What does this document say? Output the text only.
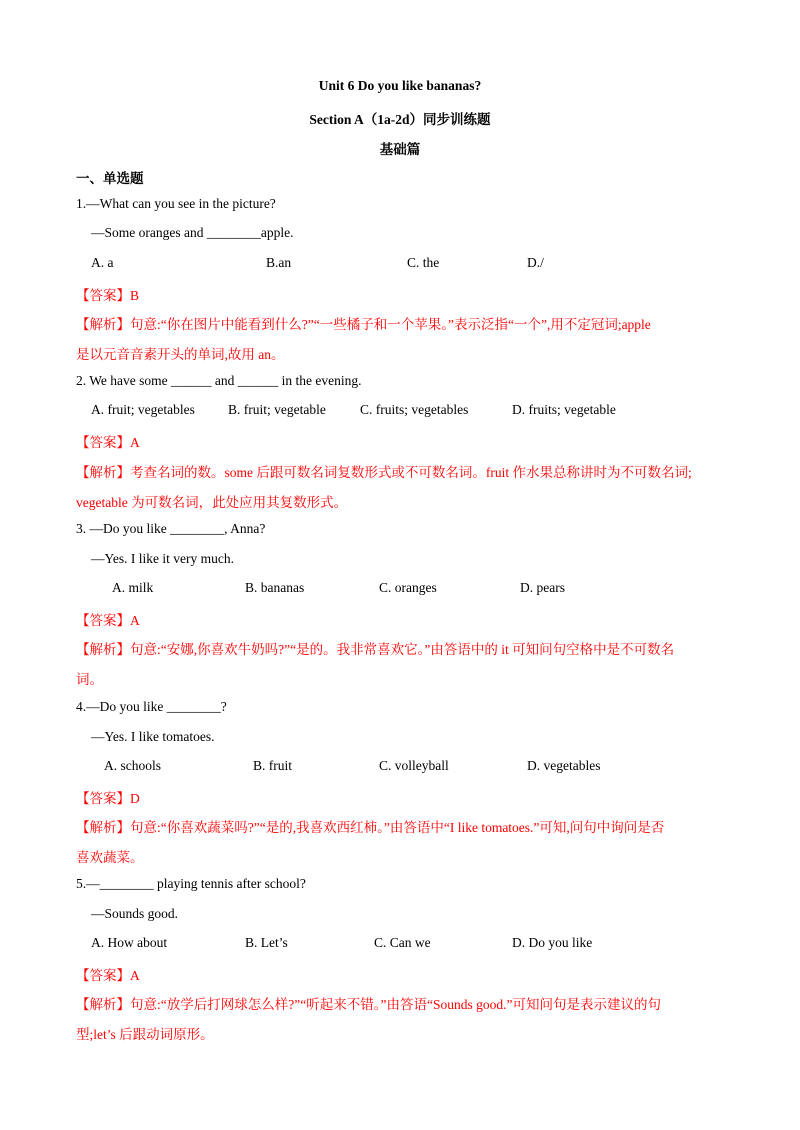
Unit 6 Do you like bananas?
Section A（1a-2d）同步训练题
基础篇
一、单选题
1.—What can you see in the picture?
—Some oranges and ________apple.
A. a	B.an	C. the	D./
【答案】B
【解析】句意:“你在图片中能看到什么?”“一些橘子和一个苹果。”表示泛指“一个”,用不定冠词;apple
是以元音音素开头的单词,故用 an。
2. We have some ______ and ______ in the evening.
A. fruit; vegetables B. fruit; vegetable	C. fruits; vegetables	D. fruits; vegetable
【答案】A
【解析】考查名词的数。some 后跟可数名词复数形式或不可数名词。fruit 作水果总称讲时为不可数名词;
vegetable 为可数名词，此处应用其复数形式。
3. —Do you like ________, Anna?
—Yes. I like it very much.
A. milk	B. bananas	C. oranges	D. pears
【答案】A
【解析】句意:“安娜,你喜欢牛奶吗?”“是的。我非常喜欢它。”由答语中的 it 可知问句空格中是不可数名
词。
4.—Do you like ________?
—Yes. I like tomatoes.
A. schools	B. fruit	C. volleyball	D. vegetables
【答案】D
【解析】句意:“你喜欢蔬菜吗?”“是的,我喜欢西红柿。”由答语中“I like tomatoes.”可知,问句中询问是否
喜欢蔬菜。
5.—________ playing tennis after school?
—Sounds good.
A. How about	B. Let’s	C. Can we	D. Do you like
【答案】A
【解析】句意:“放学后打网球怎么样?”“听起来不错。”由答语“Sounds good.”可知问句是表示建议的句
型;let’s 后跟动词原形。
